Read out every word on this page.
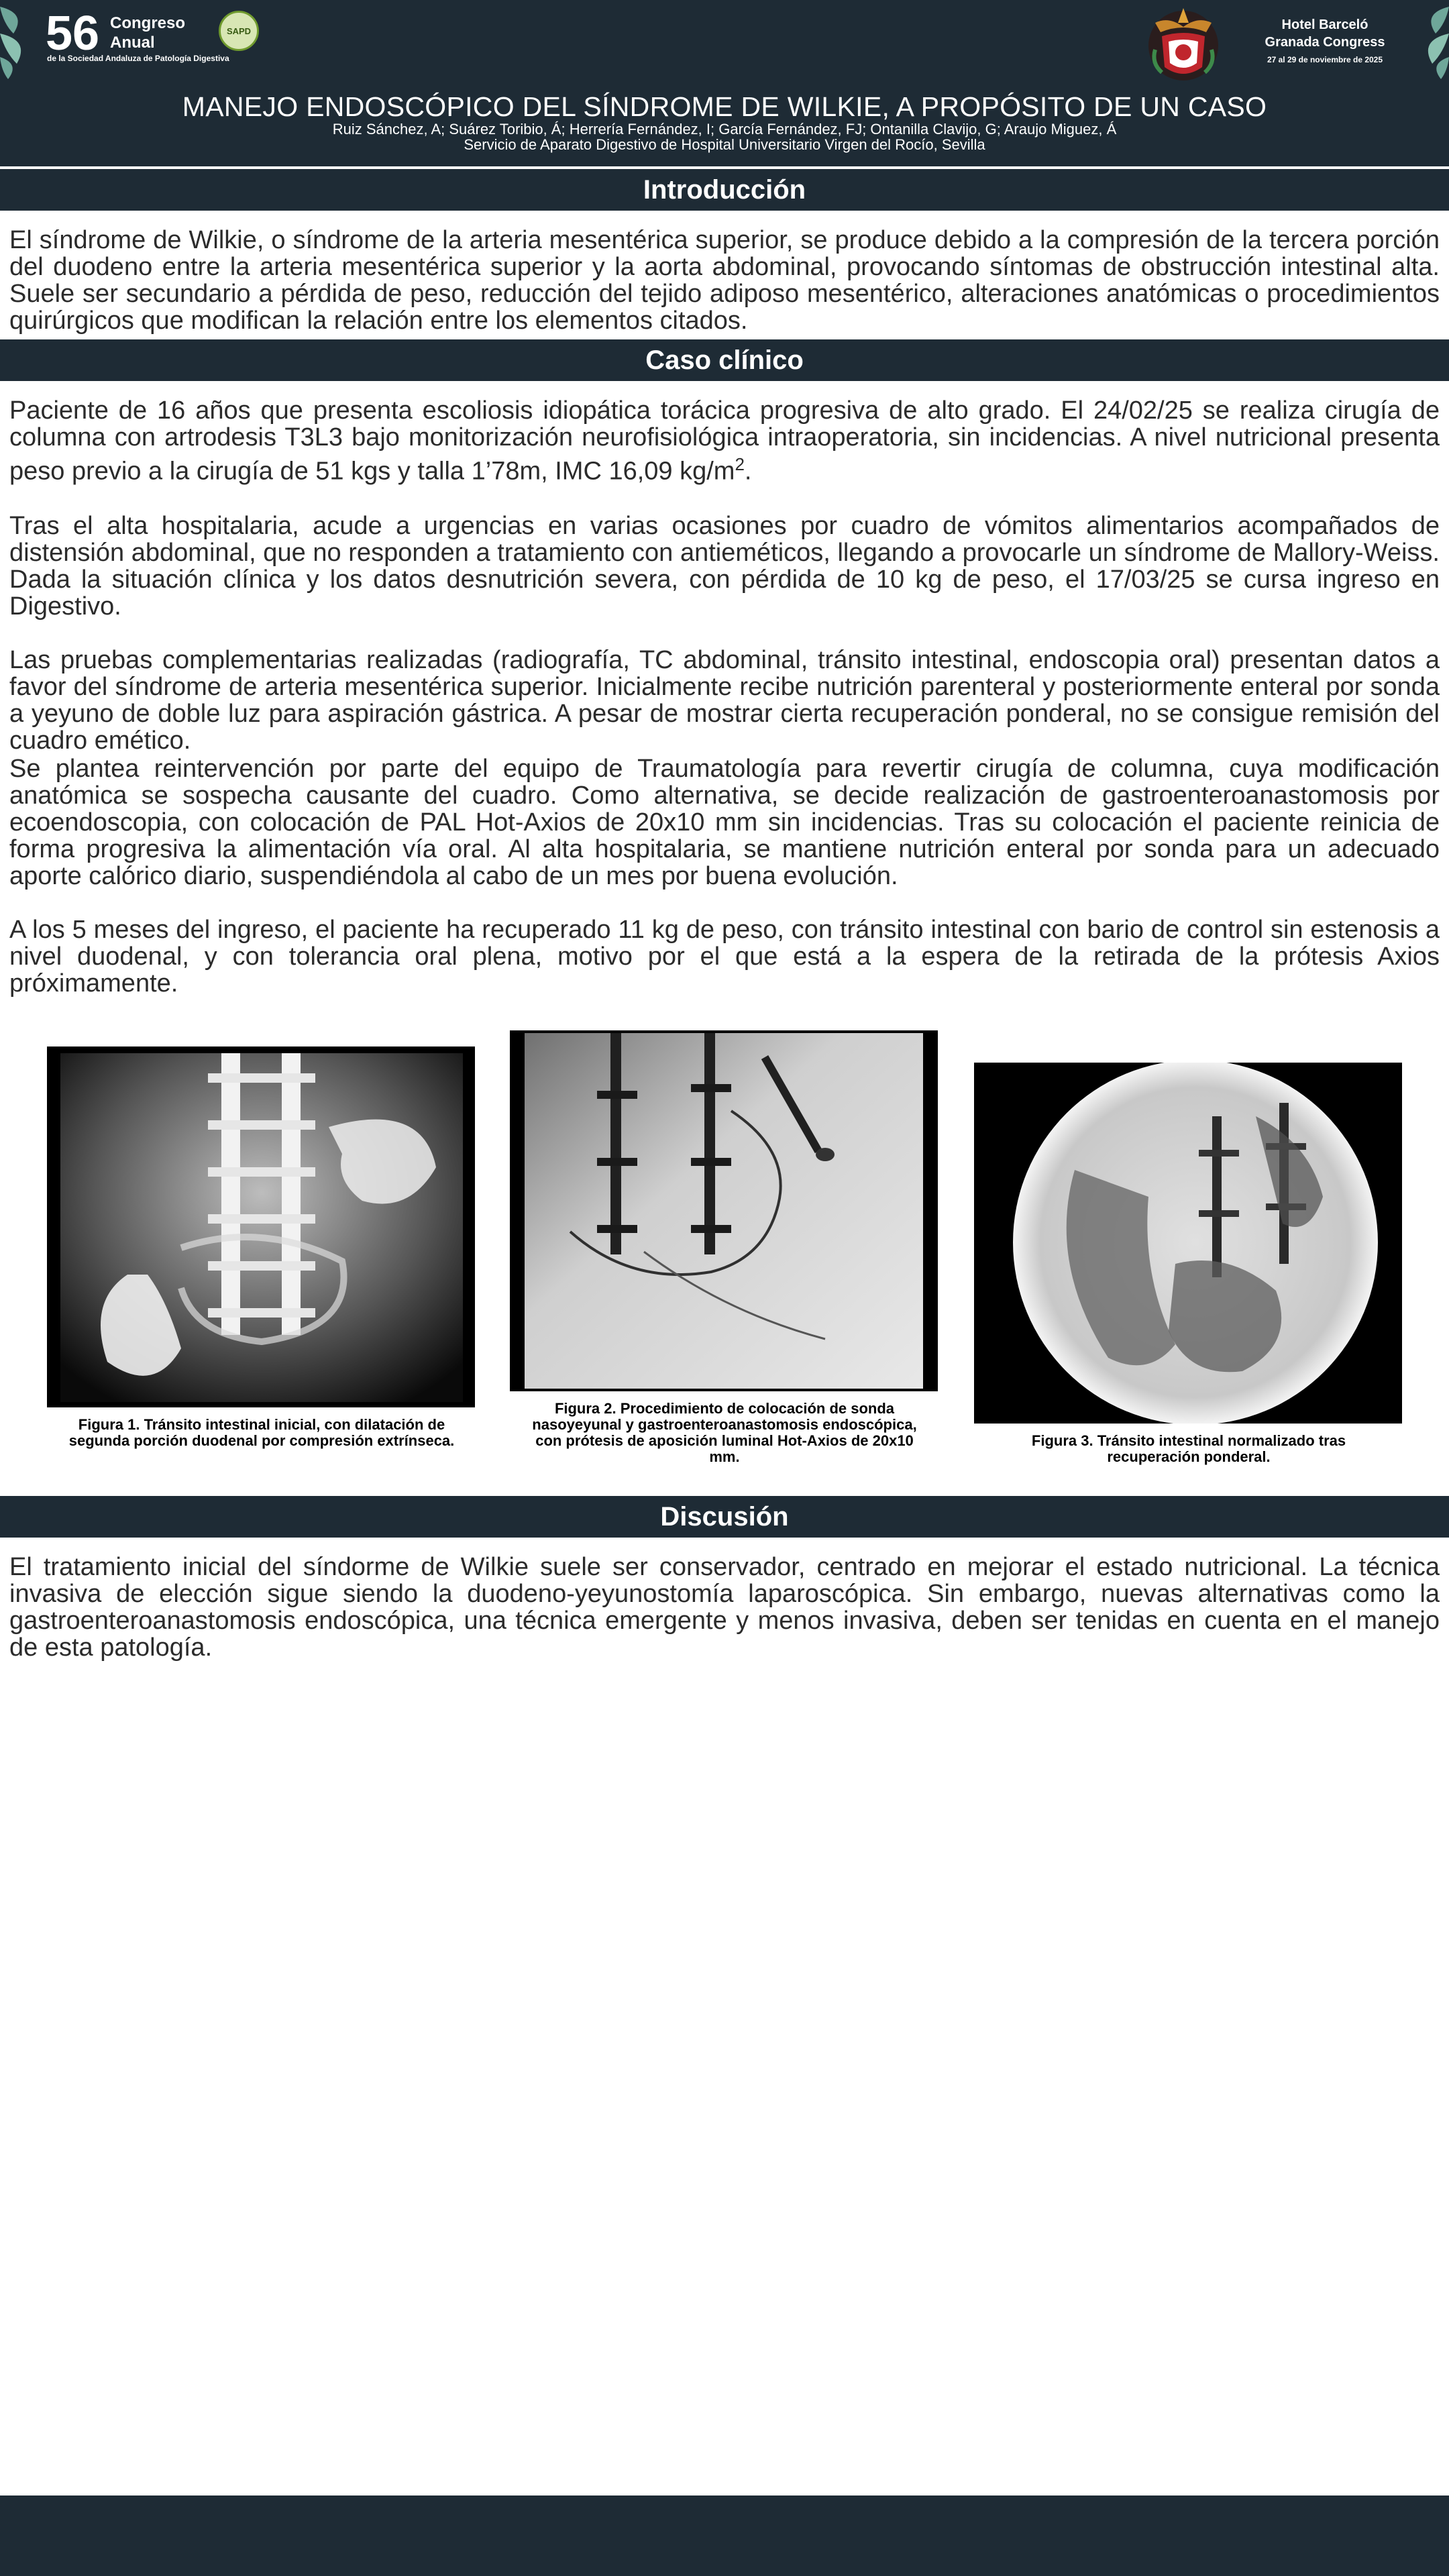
56 Congreso
Anual
de la Sociedad Andaluza de Patología Digestiva
SAPD	Hotel Barceló
Granada Congress
27 al 29 de noviembre de 2025
MANEJO ENDOSCÓPICO DEL SÍNDROME DE WILKIE, A PROPÓSITO DE UN CASO
Ruiz Sánchez, A; Suárez Toribio, Á; Herrería Fernández, I; García Fernández, FJ; Ontanilla Clavijo, G; Araujo Miguez, Á
Servicio de Aparato Digestivo de Hospital Universitario Virgen del Rocío, Sevilla
Introducción

El síndrome de Wilkie, o síndrome de la arteria mesentérica superior, se produce debido a la compresión de la tercera porción del duodeno entre la arteria mesentérica superior y la aorta abdominal, provocando síntomas de obstrucción intestinal alta. Suele ser secundario a pérdida de peso, reducción del tejido adiposo mesentérico, alteraciones anatómicas o procedimientos quirúrgicos que modifican la relación entre los elementos citados.

Caso clínico

Paciente de 16 años que presenta escoliosis idiopática torácica progresiva de alto grado. El 24/02/25 se realiza cirugía de columna con artrodesis T3L3 bajo monitorización neurofisiológica intraoperatoria, sin incidencias. A nivel nutricional presenta peso previo a la cirugía de 51 kgs y talla 1’78m, IMC 16,09 $kg/m^2$.

Tras el alta hospitalaria, acude a urgencias en varias ocasiones por cuadro de vómitos alimentarios acompañados de distensión abdominal, que no responden a tratamiento con antieméticos, llegando a provocarle un síndrome de Mallory-Weiss. Dada la situación clínica y los datos desnutrición severa, con pérdida de 10 kg de peso, el 17/03/25 se cursa ingreso en Digestivo.

Las pruebas complementarias realizadas (radiografía, TC abdominal, tránsito intestinal, endoscopia oral) presentan datos a favor del síndrome de arteria mesentérica superior. Inicialmente recibe nutrición parenteral y posteriormente enteral por sonda a yeyuno de doble luz para aspiración gástrica. A pesar de mostrar cierta recuperación ponderal, no se consigue remisión del cuadro emético.

Se plantea reintervención por parte del equipo de Traumatología para revertir cirugía de columna, cuya modificación anatómica se sospecha causante del cuadro. Como alternativa, se decide realización de gastroenteroanastomosis por ecoendoscopia, con colocación de PAL Hot-Axios de 20x10 mm sin incidencias. Tras su colocación el paciente reinicia de forma progresiva la alimentación vía oral. Al alta hospitalaria, se mantiene nutrición enteral por sonda para un adecuado aporte calórico diario, suspendiéndola al cabo de un mes por buena evolución.

A los 5 meses del ingreso, el paciente ha recuperado 11 kg de peso, con tránsito intestinal con bario de control sin estenosis a nivel duodenal, y con tolerancia oral plena, motivo por el que está a la espera de la retirada de la prótesis Axios próximamente.

Figura 1. Tránsito intestinal inicial, con dilatación de segunda porción duodenal por compresión extrínseca.
Figura 2. Procedimiento de colocación de sonda nasoyeyunal y gastroenteroanastomosis endoscópica, con prótesis de aposición luminal Hot-Axios de 20x10 mm.
Figura 3. Tránsito intestinal normalizado tras recuperación ponderal.
Discusión

El tratamiento inicial del síndorme de Wilkie suele ser conservador, centrado en mejorar el estado nutricional. La técnica invasiva de elección sigue siendo la duodeno-yeyunostomía laparoscópica. Sin embargo, nuevas alternativas como la gastroenteroanastomosis endoscópica, una técnica emergente y menos invasiva, deben ser tenidas en cuenta en el manejo de esta patología.
